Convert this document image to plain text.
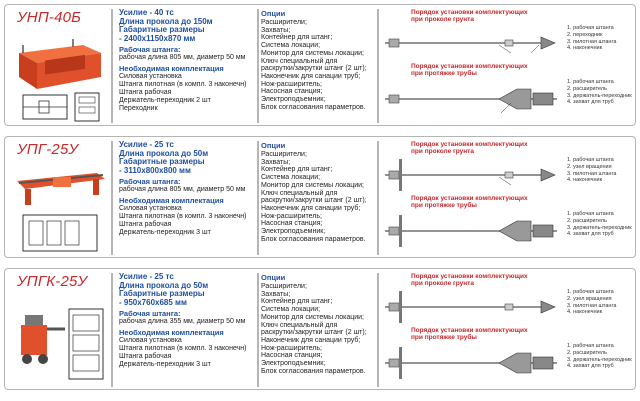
УНП-40Б	Усилие - 40 тс
Длина прокола до 150м
Габаритные размеры
- 2400х1150х870 мм
Рабочая штанга:
рабочая длина 805 мм, диаметр 50 мм
Необходимая комплектация
Силовая установка
Штанга пилотная (в компл. 3 наконечн)
Штанга рабочая
Держатель-переходник 2 шт
Переходник
Опции
Расширители;
Захваты;
Контейнер для штанг;
Система локации;
Монитор для системы локации;
Ключ специальный для
раскрутки/закрутки штанг (2 шт);
Наконечник для санации труб;
Нож-расширитель;
Насосная станция;
Электроподъемник;
Блок согласования параметров.
Порядок установки комплектующих
при проколе грунта
1. рабочая штанга
2. переходник
3. пилотная штанга
4. наконечник
Порядок установки комплектующих
при протяжке трубы
1. рабочая штанга
2. расширитель
3. держатель-переходник
4. захват для труб
УПГ-25У	Усилие - 25 тс
Длина прокола до 50м
Габаритные размеры
- 3110х800х800 мм
Рабочая штанга:
рабочая длина 805 мм, диаметр 50 мм
Необходимая комплектация
Силовая установка
Штанга пилотная (в компл. 3 наконечн)
Штанга рабочая
Держатель-переходник 3 шт
Опции
Расширители;
Захваты;
Контейнер для штанг;
Система локации;
Монитор для системы локации;
Ключ специальный для
раскрутки/закрутки штанг (2 шт);
Наконечник для санации труб;
Нож-расширитель;
Насосная станция;
Электроподъемник;
Блок согласования параметров.
Порядок установки комплектующих
при проколе грунта
1. рабочая штанга
2. узел вращения
3. пилотная штанга
4. наконечник
Порядок установки комплектующих
при протяжке трубы
1. рабочая штанга
2. расширитель
3. держатель-переходник
4. захват для труб
УПГК-25У	Усилие - 25 тс
Длина прокола до 50м
Габаритные размеры
- 950х760х685 мм
Рабочая штанга:
рабочая длина 355 мм, диаметр 50 мм
Необходимая комплектация
Силовая установка
Штанга пилотная (в компл. 3 наконечн)
Штанга рабочая
Держатель-переходник 3 шт
Опции
Расширители;
Захваты;
Контейнер для штанг;
Система локации;
Монитор для системы локации;
Ключ специальный для
раскрутки/закрутки штанг (2 шт);
Наконечник для санации труб;
Нож-расширитель;
Насосная станция;
Электроподъемник;
Блок согласования параметров.
Порядок установки комплектующих
при проколе грунта
1. рабочая штанга
2. узел вращения
3. пилотная штанга
4. наконечник
Порядок установки комплектующих
при протяжке трубы
1. рабочая штанга
2. расширитель
3. держатель-переходник
4. захват для труб
